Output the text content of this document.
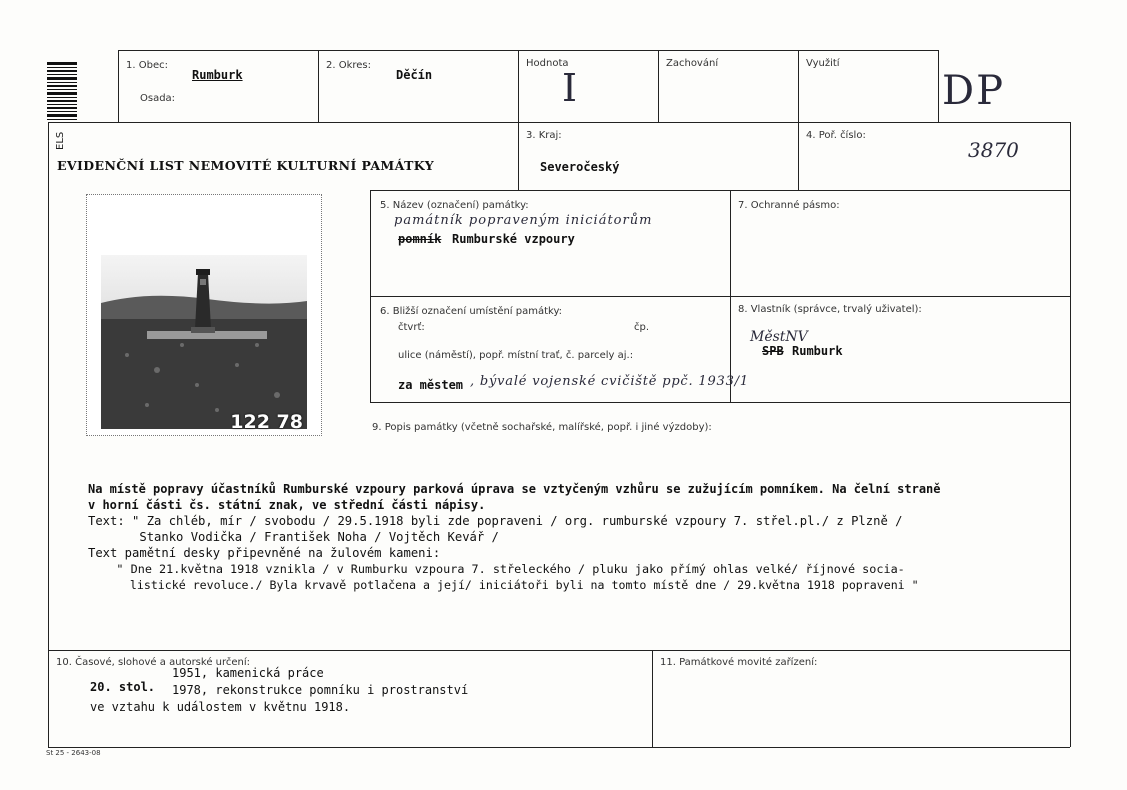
ELS
1. Obec:
Rumburk
Osada:
2. Okres:
Děčín
Hodnota
I
Zachování	Využití
DP
EVIDENČNÍ LIST NEMOVITÉ KULTURNÍ PAMÁTKY
3. Kraj:
Severočeský
4. Poř. číslo:
3870
122 78
5. Název (označení) památky:
památník popraveným iniciátorům
pomník Rumburské vzpoury
7. Ochranné pásmo:
6. Bližší označení umístění památky:
čtvrť:	čp.
ulice (náměstí), popř. místní trať, č. parcely aj.:
za městem , bývalé vojenské cvičiště ppč. 1933/1
8. Vlastník (správce, trvalý uživatel):
MěstNV
SPB Rumburk
9. Popis památky (včetně sochařské, malířské, popř. i jiné výzdoby):
Na místě popravy účastníků Rumburské vzpoury parková úprava se vztyčeným vzhůru se zužujícím pomníkem. Na čelní straně
v horní části čs. státní znak, ve střední části nápisy.
Text: " Za chléb, mír / svobodu / 29.5.1918 byli zde popraveni / org. rumburské vzpoury 7. střel.pl./ z Plzně /
Stanko Vodička / František Noha / Vojtěch Kevář /
Text pamětní desky připevněné na žulovém kameni:
" Dne 21.května 1918 vznikla / v Rumburku vzpoura 7. střeleckého / pluku jako přímý ohlas velké/ říjnové socia-
listické revoluce./ Byla krvavě potlačena a její/ iniciátoři byli na tomto místě dne / 29.května 1918 popraveni "
10. Časové, slohové a autorské určení:
20. stol.
1951, kamenická práce
1978, rekonstrukce pomníku i prostranství
ve vztahu k událostem v květnu 1918.
11. Památkové movité zařízení:
St 25 - 2643-08
